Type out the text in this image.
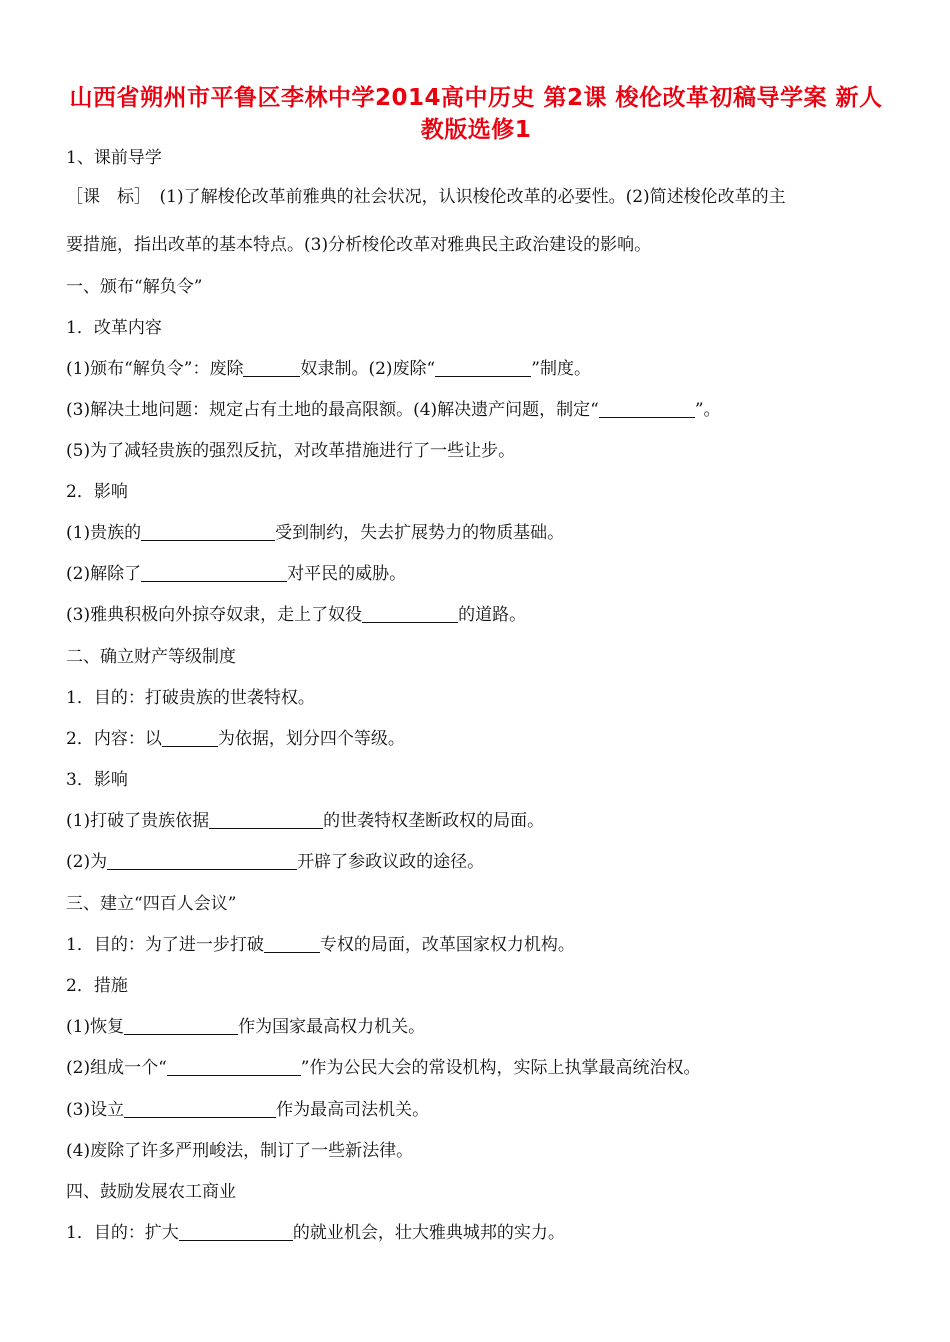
山西省朔州市平鲁区李林中学2014高中历史 第2课 梭伦改革初稿导学案 新人教版选修1
1、课前导学
［课　标］　(1)了解梭伦改革前雅典的社会状况，认识梭伦改革的必要性。(2)简述梭伦改革的主
要措施，指出改革的基本特点。(3)分析梭伦改革对雅典民主政治建设的影响。
一、颁布“解负令”
1．改革内容
(1)颁布“解负令”：废除	奴隶制。(2)废除“	”制度。
(3)解决土地问题：规定占有土地的最高限额。(4)解决遗产问题，制定“	”。
(5)为了减轻贵族的强烈反抗，对改革措施进行了一些让步。
2．影响
(1)贵族的	受到制约，失去扩展势力的物质基础。
(2)解除了	对平民的威胁。
(3)雅典积极向外掠夺奴隶，走上了奴役	的道路。
二、确立财产等级制度
1．目的：打破贵族的世袭特权。
2．内容：以	为依据，划分四个等级。
3．影响
(1)打破了贵族依据	的世袭特权垄断政权的局面。
(2)为	开辟了参政议政的途径。
三、建立“四百人会议”
1．目的：为了进一步打破	专权的局面，改革国家权力机构。
2．措施
(1)恢复	作为国家最高权力机关。
(2)组成一个“	”作为公民大会的常设机构，实际上执掌最高统治权。
(3)设立	作为最高司法机关。
(4)废除了许多严刑峻法，制订了一些新法律。
四、鼓励发展农工商业
1．目的：扩大	的就业机会，壮大雅典城邦的实力。
